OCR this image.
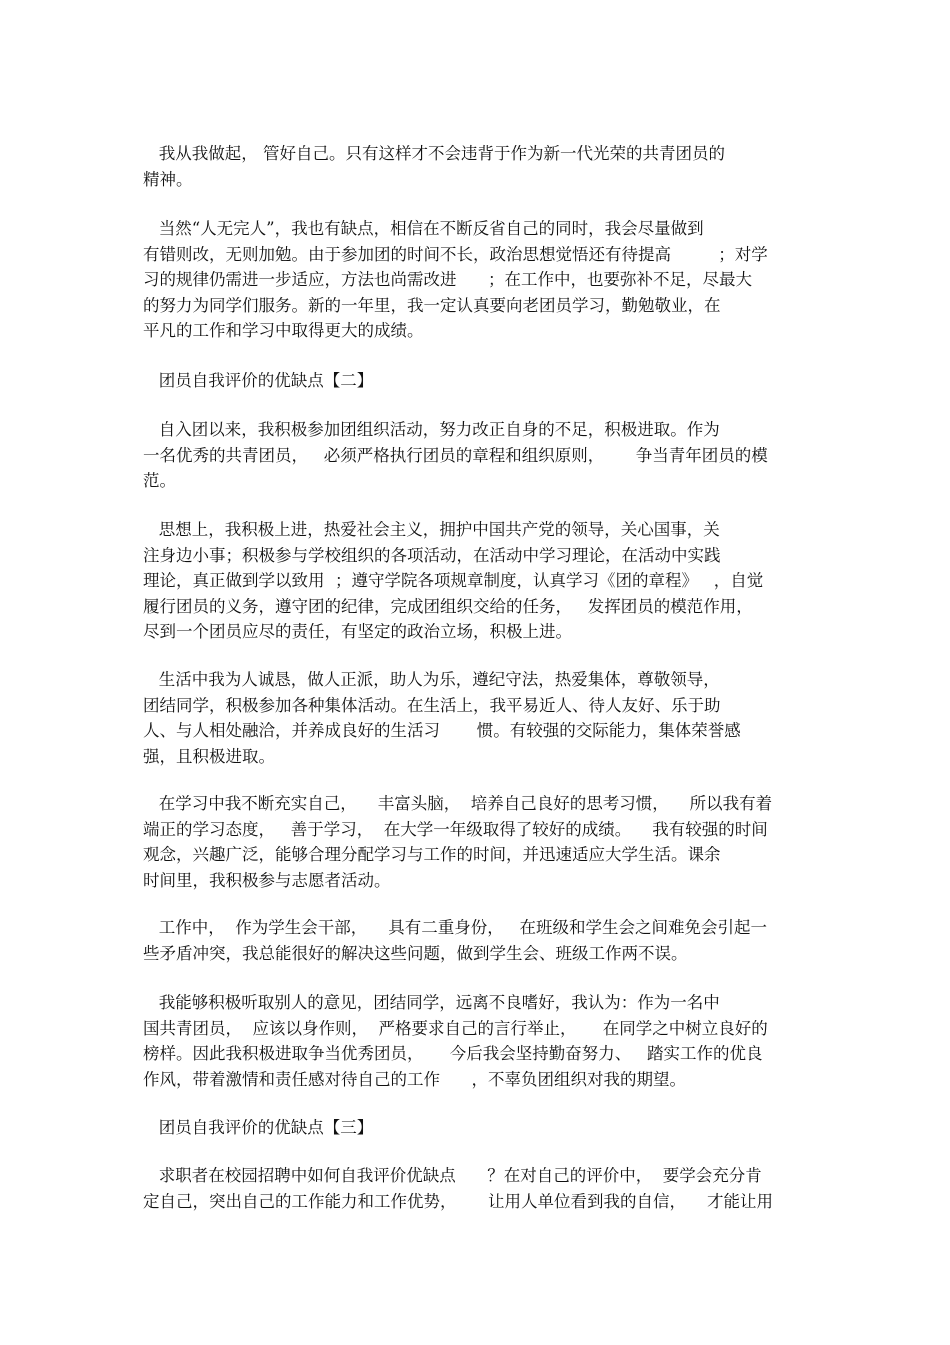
我从我做起， 管好自己。只有这样才不会违背于作为新一代光荣的共青团员的
精神。

当然“人无完人”，我也有缺点，相信在不断反省自己的同时，我会尽量做到
有错则改，无则加勉。由于参加团的时间不长，政治思想觉悟还有待提高         ；对学
习的规律仍需进一步适应，方法也尚需改进      ；在工作中，也要弥补不足，尽最大
的努力为同学们服务。新的一年里，我一定认真要向老团员学习，勤勉敬业，在
平凡的工作和学习中取得更大的成绩。

团员自我评价的优缺点【二】

自入团以来，我积极参加团组织活动，努力改正自身的不足，积极进取。作为
一名优秀的共青团员，   必须严格执行团员的章程和组织原则，      争当青年团员的模
范。

思想上，我积极上进，热爱社会主义，拥护中国共产党的领导，关心国事，关
注身边小事；积极参与学校组织的各项活动，在活动中学习理论，在活动中实践
理论，真正做到学以致用  ；遵守学院各项规章制度，认真学习《团的章程》   ，自觉
履行团员的义务，遵守团的纪律，完成团组织交给的任务，   发挥团员的模范作用，
尽到一个团员应尽的责任，有坚定的政治立场，积极上进。

生活中我为人诚恳，做人正派，助人为乐，遵纪守法，热爱集体，尊敬领导，
团结同学，积极参加各种集体活动。在生活上，我平易近人、待人友好、乐于助
人、与人相处融洽，并养成良好的生活习       惯。有较强的交际能力，集体荣誉感
强，且积极进取。

在学习中我不断充实自己，    丰富头脑，  培养自己良好的思考习惯，    所以我有着
端正的学习态度，   善于学习，  在大学一年级取得了较好的成绩。    我有较强的时间
观念，兴趣广泛，能够合理分配学习与工作的时间，并迅速适应大学生活。课余
时间里，我积极参与志愿者活动。

工作中，  作为学生会干部，    具有二重身份，   在班级和学生会之间难免会引起一
些矛盾冲突，我总能很好的解决这些问题，做到学生会、班级工作两不误。

我能够积极听取别人的意见，团结同学，远离不良嗜好，我认为：作为一名中
国共青团员，  应该以身作则，  严格要求自己的言行举止，     在同学之中树立良好的
榜样。因此我积极进取争当优秀团员，     今后我会坚持勤奋努力、   踏实工作的优良
作风，带着激情和责任感对待自己的工作      ，不辜负团组织对我的期望。

团员自我评价的优缺点【三】

求职者在校园招聘中如何自我评价优缺点      ？在对自己的评价中，  要学会充分肯
定自己，突出自己的工作能力和工作优势，      让用人单位看到我的自信，    才能让用
